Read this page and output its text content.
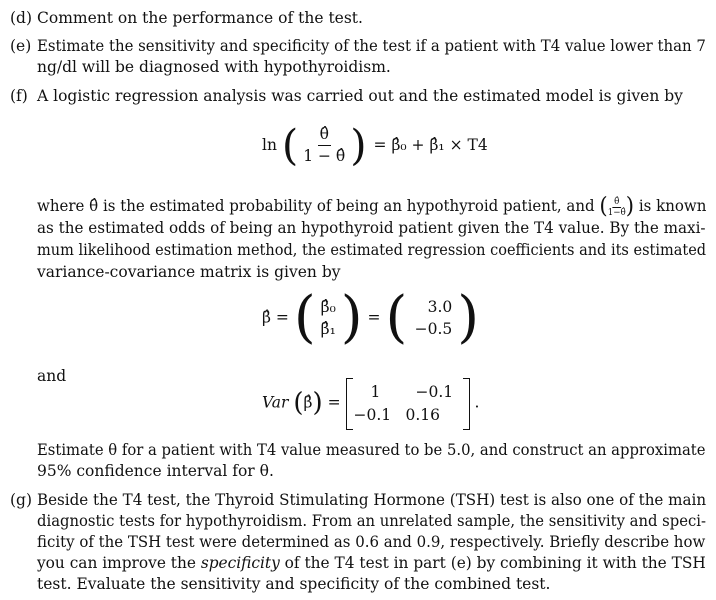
(d) Comment on the performance of the test.
(e) Estimate the sensitivity and specificity of the test if a patient with T4 value lower than 7
ng/dl will be diagnosed with hypothyroidism.
(f) A logistic regression analysis was carried out and the estimated model is given by
ln ( $\frac{\thetâ}{1 - \thetâ}$ ) = β̂₀ + β̂₁ × T4
where θ̂ is the estimated probability of being an hypothyroid patient, and ( $\frac{\thetâ}{1-\thetâ}$ ) is known
as the estimated odds of being an hypothyroid patient given the T4 value. By the maxi-
mum likelihood estimation method, the estimated regression coefficients and its estimated
variance-covariance matrix is given by
β̂ = ( β̂₀
β̂₁ ) = ( 3.0
−0.5 )
and
Var (β̂) =
1 −0.1
−0.1 0.16
.
Estimate θ for a patient with T4 value measured to be 5.0, and construct an approximate
95% confidence interval for θ.
(g) Beside the T4 test, the Thyroid Stimulating Hormone (TSH) test is also one of the main
diagnostic tests for hypothyroidism. From an unrelated sample, the sensitivity and speci-
ficity of the TSH test were determined as 0.6 and 0.9, respectively. Briefly describe how
you can improve the specificity of the T4 test in part (e) by combining it with the TSH
test. Evaluate the sensitivity and specificity of the combined test.
